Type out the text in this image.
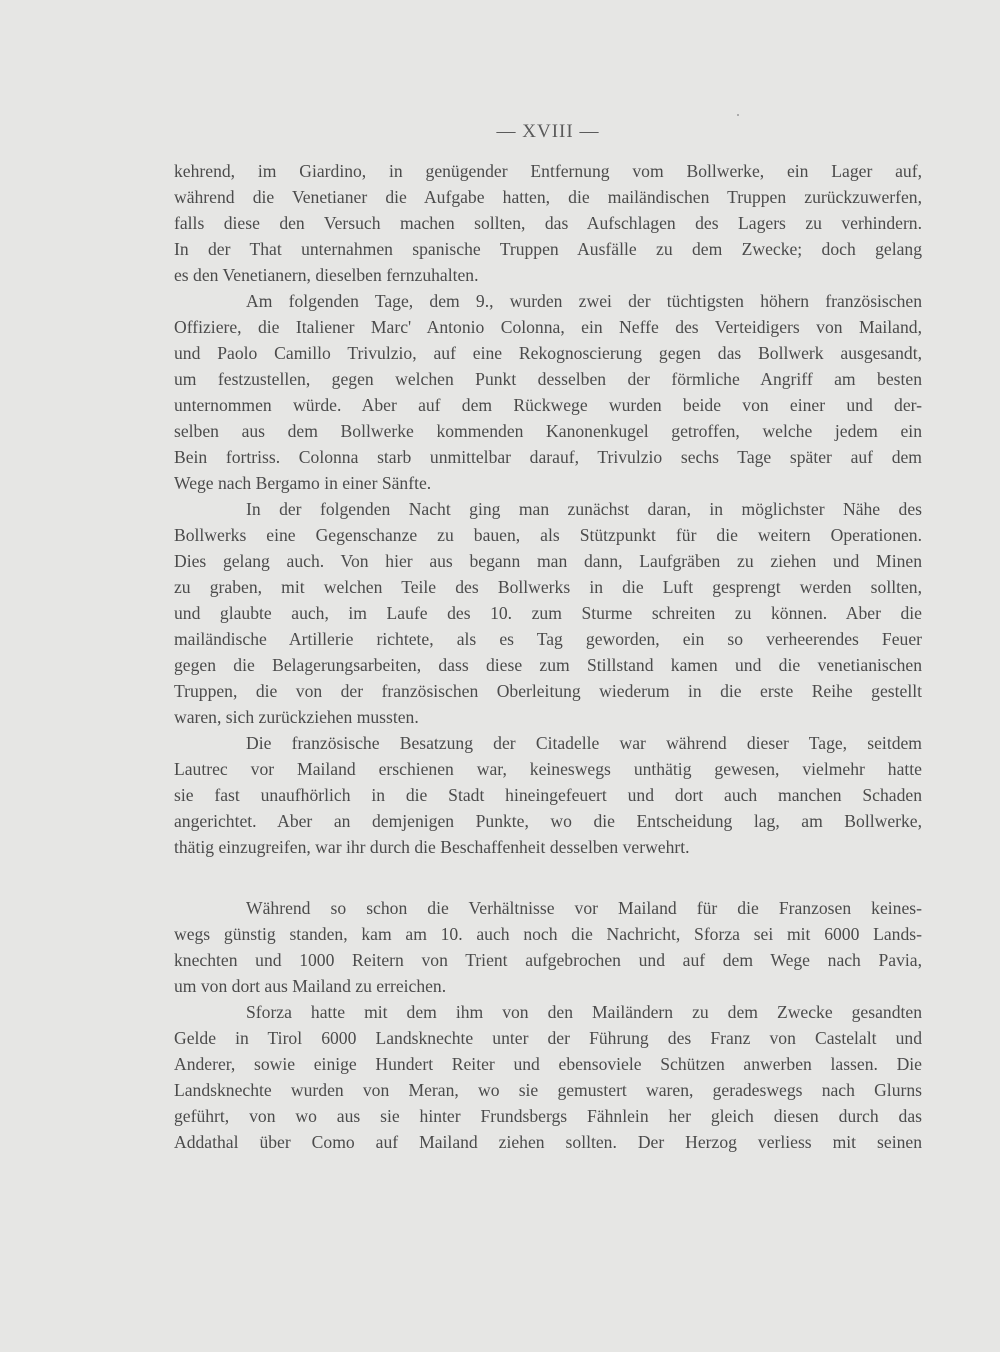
— XVIII —
kehrend, im Giardino, in genügender Entfernung vom Bollwerke, ein Lager auf,
während die Venetianer die Aufgabe hatten, die mailändischen Truppen zurückzuwerfen,
falls diese den Versuch machen sollten, das Aufschlagen des Lagers zu verhindern.
In der That unternahmen spanische Truppen Ausfälle zu dem Zwecke; doch gelang
es den Venetianern, dieselben fernzuhalten.
Am folgenden Tage, dem 9., wurden zwei der tüchtigsten höhern französischen
Offiziere, die Italiener Marc' Antonio Colonna, ein Neffe des Verteidigers von Mailand,
und Paolo Camillo Trivulzio, auf eine Rekognoscierung gegen das Bollwerk ausgesandt,
um festzustellen, gegen welchen Punkt desselben der förmliche Angriff am besten
unternommen würde. Aber auf dem Rückwege wurden beide von einer und der-
selben aus dem Bollwerke kommenden Kanonenkugel getroffen, welche jedem ein
Bein fortriss. Colonna starb unmittelbar darauf, Trivulzio sechs Tage später auf dem
Wege nach Bergamo in einer Sänfte.
In der folgenden Nacht ging man zunächst daran, in möglichster Nähe des
Bollwerks eine Gegenschanze zu bauen, als Stützpunkt für die weitern Operationen.
Dies gelang auch. Von hier aus begann man dann, Laufgräben zu ziehen und Minen
zu graben, mit welchen Teile des Bollwerks in die Luft gesprengt werden sollten,
und glaubte auch, im Laufe des 10. zum Sturme schreiten zu können. Aber die
mailändische Artillerie richtete, als es Tag geworden, ein so verheerendes Feuer
gegen die Belagerungsarbeiten, dass diese zum Stillstand kamen und die venetianischen
Truppen, die von der französischen Oberleitung wiederum in die erste Reihe gestellt
waren, sich zurückziehen mussten.
Die französische Besatzung der Citadelle war während dieser Tage, seitdem
Lautrec vor Mailand erschienen war, keineswegs unthätig gewesen, vielmehr hatte
sie fast unaufhörlich in die Stadt hineingefeuert und dort auch manchen Schaden
angerichtet. Aber an demjenigen Punkte, wo die Entscheidung lag, am Bollwerke,
thätig einzugreifen, war ihr durch die Beschaffenheit desselben verwehrt.
Während so schon die Verhältnisse vor Mailand für die Franzosen keines-
wegs günstig standen, kam am 10. auch noch die Nachricht, Sforza sei mit 6000 Lands-
knechten und 1000 Reitern von Trient aufgebrochen und auf dem Wege nach Pavia,
um von dort aus Mailand zu erreichen.
Sforza hatte mit dem ihm von den Mailändern zu dem Zwecke gesandten
Gelde in Tirol 6000 Landsknechte unter der Führung des Franz von Castelalt und
Anderer, sowie einige Hundert Reiter und ebensoviele Schützen anwerben lassen. Die
Landsknechte wurden von Meran, wo sie gemustert waren, geradeswegs nach Glurns
geführt, von wo aus sie hinter Frundsbergs Fähnlein her gleich diesen durch das
Addathal über Como auf Mailand ziehen sollten. Der Herzog verliess mit seinen
